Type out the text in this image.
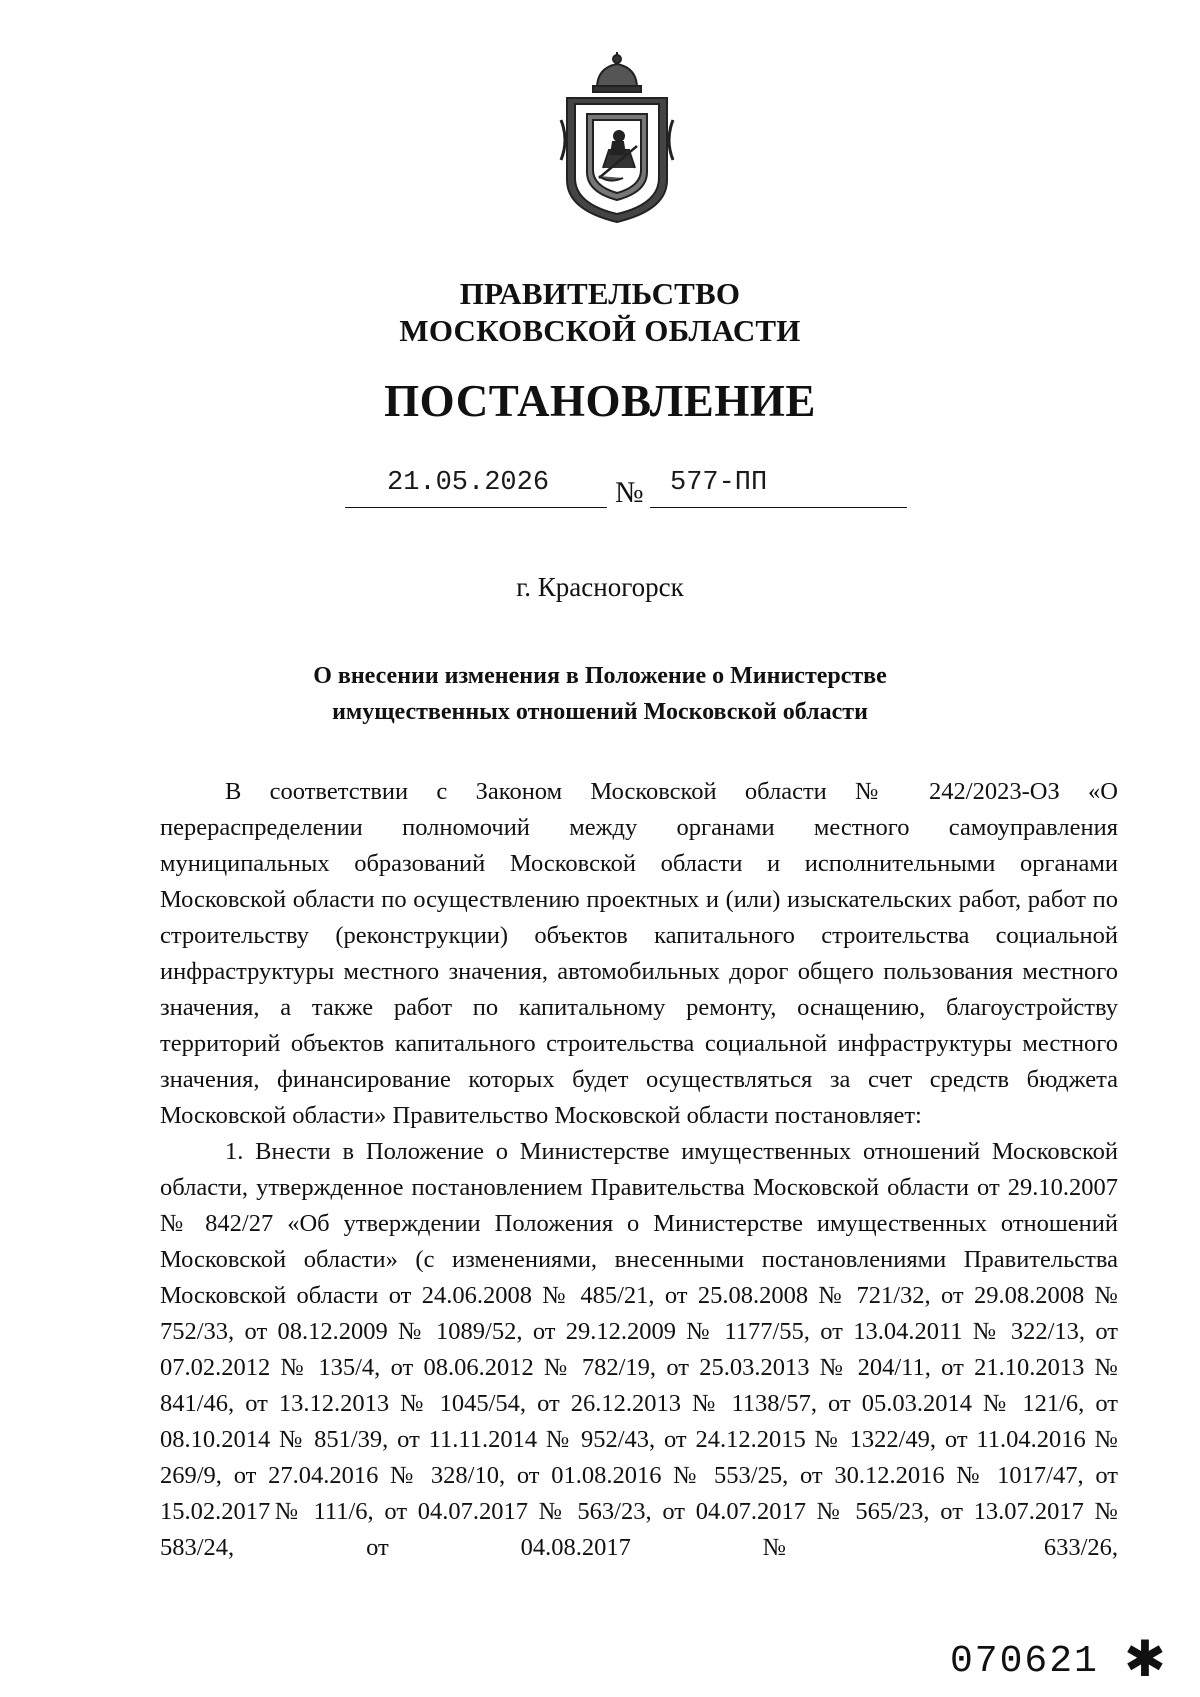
ПРАВИТЕЛЬСТВО
МОСКОВСКОЙ ОБЛАСТИ
ПОСТАНОВЛЕНИЕ
21.05.2026 № 577-ПП
г. Красногорск
О внесении изменения в Положение о Министерстве
имущественных отношений Московской области

В соответствии с Законом Московской области № 242/2023-ОЗ «О перераспределении полномочий между органами местного самоуправления муниципальных образований Московской области и исполнительными органами Московской области по осуществлению проектных и (или) изыскательских работ, работ по строительству (реконструкции) объектов капитального строительства социальной инфраструктуры местного значения, автомобильных дорог общего пользования местного значения, а также работ по капитальному ремонту, оснащению, благоустройству территорий объектов капитального строительства социальной инфраструктуры местного значения, финансирование которых будет осуществляться за счет средств бюджета Московской области» Правительство Московской области постановляет:

1. Внести в Положение о Министерстве имущественных отношений Московской области, утвержденное постановлением Правительства Московской области от 29.10.2007 № 842/27 «Об утверждении Положения о Министерстве имущественных отношений Московской области» (с изменениями, внесенными постановлениями Правительства Московской области от 24.06.2008 № 485/21, от 25.08.2008 № 721/32, от 29.08.2008 № 752/33, от 08.12.2009 № 1089/52, от 29.12.2009 № 1177/55, от 13.04.2011 № 322/13, от 07.02.2012 № 135/4, от 08.06.2012 № 782/19, от 25.03.2013 № 204/11, от 21.10.2013 № 841/46, от 13.12.2013 № 1045/54, от 26.12.2013 № 1138/57, от 05.03.2014 № 121/6, от 08.10.2014 № 851/39, от 11.11.2014 № 952/43, от 24.12.2015 № 1322/49, от 11.04.2016 № 269/9, от 27.04.2016 № 328/10, от 01.08.2016 № 553/25, от 30.12.2016 № 1017/47, от 15.02.2017№ 111/6, от 04.07.2017 № 563/23, от 04.07.2017 № 565/23, от 13.07.2017 № 583/24, от 04.08.2017 № 633/26,

070621 ✱
